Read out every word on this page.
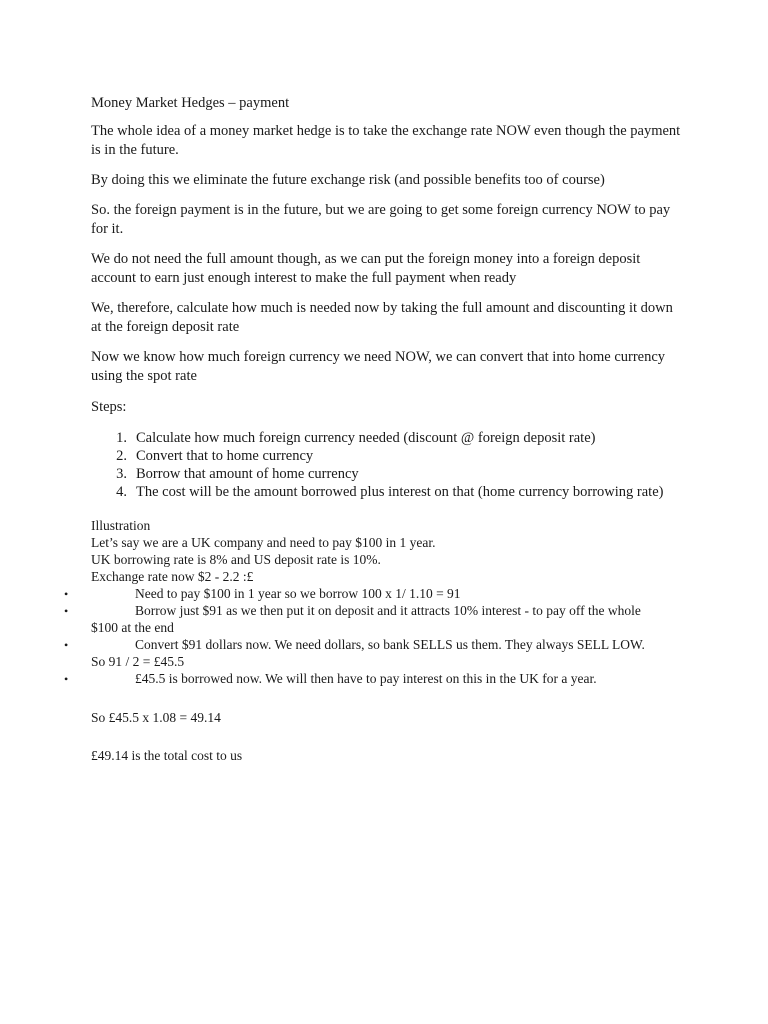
Money Market Hedges – payment
The whole idea of a money market hedge is to take the exchange rate NOW even though the payment is in the future.
By doing this we eliminate the future exchange risk (and possible benefits too of course)
So. the foreign payment is in the future, but we are going to get some foreign currency NOW to pay for it.
We do not need the full amount though, as we can put the foreign money into a foreign deposit account to earn just enough interest to make the full payment when ready
We, therefore, calculate how much is needed now by taking the full amount and discounting it down at the foreign deposit rate
Now we know how much foreign currency we need NOW, we can convert that into home currency using the spot rate
Steps:
1. Calculate how much foreign currency needed (discount @ foreign deposit rate)
2. Convert that to home currency
3. Borrow that amount of home currency
4. The cost will be the amount borrowed plus interest on that (home currency borrowing rate)
Illustration
Let’s say we are a UK company and need to pay $100 in 1 year.
UK borrowing rate is 8% and US deposit rate is 10%.
Exchange rate now $2 - 2.2 :£
•	Need to pay $100 in 1 year so we borrow 100 x 1/ 1.10 = 91
•	Borrow just $91 as we then put it on deposit and it attracts 10% interest - to pay off the whole $100 at the end
•	Convert $91 dollars now. We need dollars, so bank SELLS us them. They always SELL LOW.
So 91 / 2 = £45.5
•	£45.5 is borrowed now. We will then have to pay interest on this in the UK for a year.
So £45.5 x 1.08 = 49.14
£49.14 is the total cost to us
